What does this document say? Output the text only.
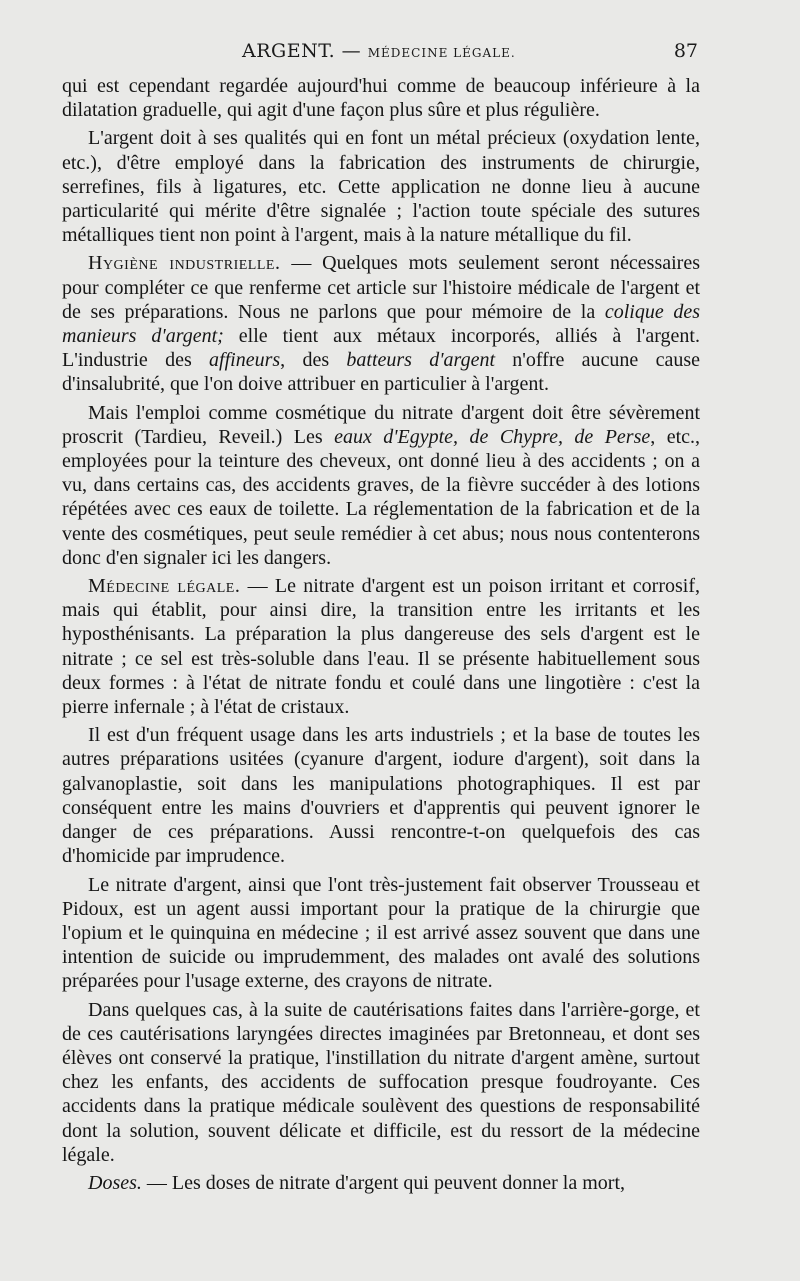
ARGENT. — MÉDECINE LÉGALE.	87

qui est cependant regardée aujourd'hui comme de beaucoup inférieure à la dilatation graduelle, qui agit d'une façon plus sûre et plus régulière.

L'argent doit à ses qualités qui en font un métal précieux (oxydation lente, etc.), d'être employé dans la fabrication des instruments de chirurgie, serrefines, fils à ligatures, etc. Cette application ne donne lieu à aucune particularité qui mérite d'être signalée ; l'action toute spéciale des sutures métalliques tient non point à l'argent, mais à la nature métallique du fil.

Hygiène industrielle. — Quelques mots seulement seront nécessaires pour compléter ce que renferme cet article sur l'histoire médicale de l'argent et de ses préparations. Nous ne parlons que pour mémoire de la colique des manieurs d'argent; elle tient aux métaux incorporés, alliés à l'argent. L'industrie des affineurs, des batteurs d'argent n'offre aucune cause d'insalubrité, que l'on doive attribuer en particulier à l'argent.

Mais l'emploi comme cosmétique du nitrate d'argent doit être sévèrement proscrit (Tardieu, Reveil.) Les eaux d'Egypte, de Chypre, de Perse, etc., employées pour la teinture des cheveux, ont donné lieu à des accidents ; on a vu, dans certains cas, des accidents graves, de la fièvre succéder à des lotions répétées avec ces eaux de toilette. La réglementation de la fabrication et de la vente des cosmétiques, peut seule remédier à cet abus; nous nous contenterons donc d'en signaler ici les dangers.

Médecine légale. — Le nitrate d'argent est un poison irritant et corrosif, mais qui établit, pour ainsi dire, la transition entre les irritants et les hyposthénisants. La préparation la plus dangereuse des sels d'argent est le nitrate ; ce sel est très-soluble dans l'eau. Il se présente habituellement sous deux formes : à l'état de nitrate fondu et coulé dans une lingotière : c'est la pierre infernale ; à l'état de cristaux.

Il est d'un fréquent usage dans les arts industriels ; et la base de toutes les autres préparations usitées (cyanure d'argent, iodure d'argent), soit dans la galvanoplastie, soit dans les manipulations photographiques. Il est par conséquent entre les mains d'ouvriers et d'apprentis qui peuvent ignorer le danger de ces préparations. Aussi rencontre-t-on quelquefois des cas d'homicide par imprudence.

Le nitrate d'argent, ainsi que l'ont très-justement fait observer Trousseau et Pidoux, est un agent aussi important pour la pratique de la chirurgie que l'opium et le quinquina en médecine ; il est arrivé assez souvent que dans une intention de suicide ou imprudemment, des malades ont avalé des solutions préparées pour l'usage externe, des crayons de nitrate.

Dans quelques cas, à la suite de cautérisations faites dans l'arrière-gorge, et de ces cautérisations laryngées directes imaginées par Bretonneau, et dont ses élèves ont conservé la pratique, l'instillation du nitrate d'argent amène, surtout chez les enfants, des accidents de suffocation presque foudroyante. Ces accidents dans la pratique médicale soulèvent des questions de responsabilité dont la solution, souvent délicate et difficile, est du ressort de la médecine légale.

Doses. — Les doses de nitrate d'argent qui peuvent donner la mort,
